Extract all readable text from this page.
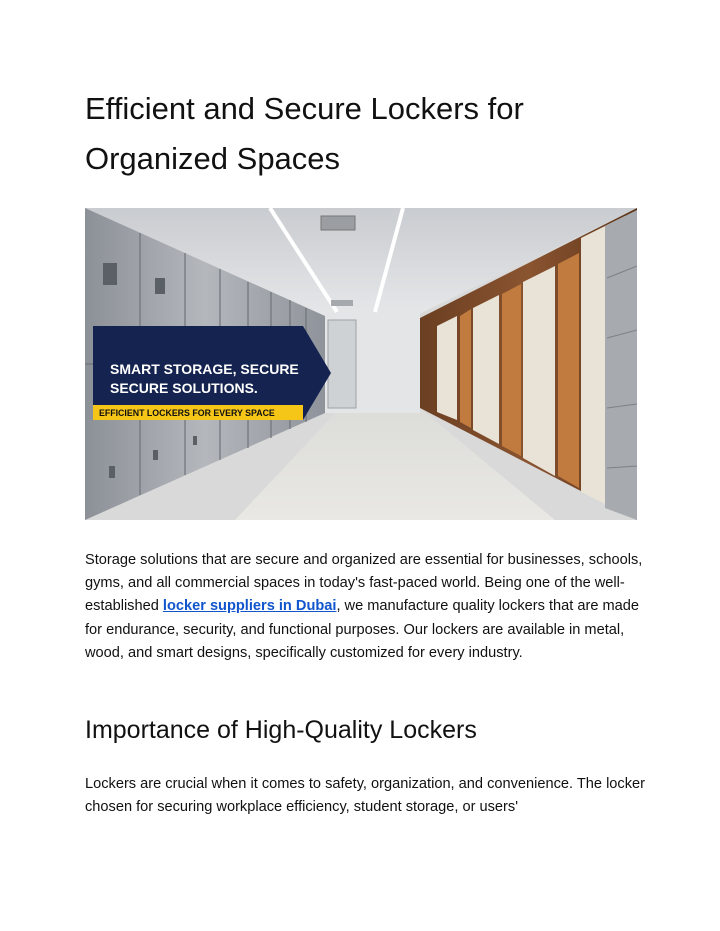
Efficient and Secure Lockers for Organized Spaces
SMART STORAGE, SECURE
SECURE SOLUTIONS.
EFFICIENT LOCKERS FOR EVERY SPACE

Storage solutions that are secure and organized are essential for businesses, schools, gyms, and all commercial spaces in today's fast-paced world. Being one of the well-established locker suppliers in Dubai, we manufacture quality lockers that are made for endurance, security, and functional purposes. Our lockers are available in metal, wood, and smart designs, specifically customized for every industry.

Importance of High-Quality Lockers

Lockers are crucial when it comes to safety, organization, and convenience. The locker chosen for securing workplace efficiency, student storage, or users'
